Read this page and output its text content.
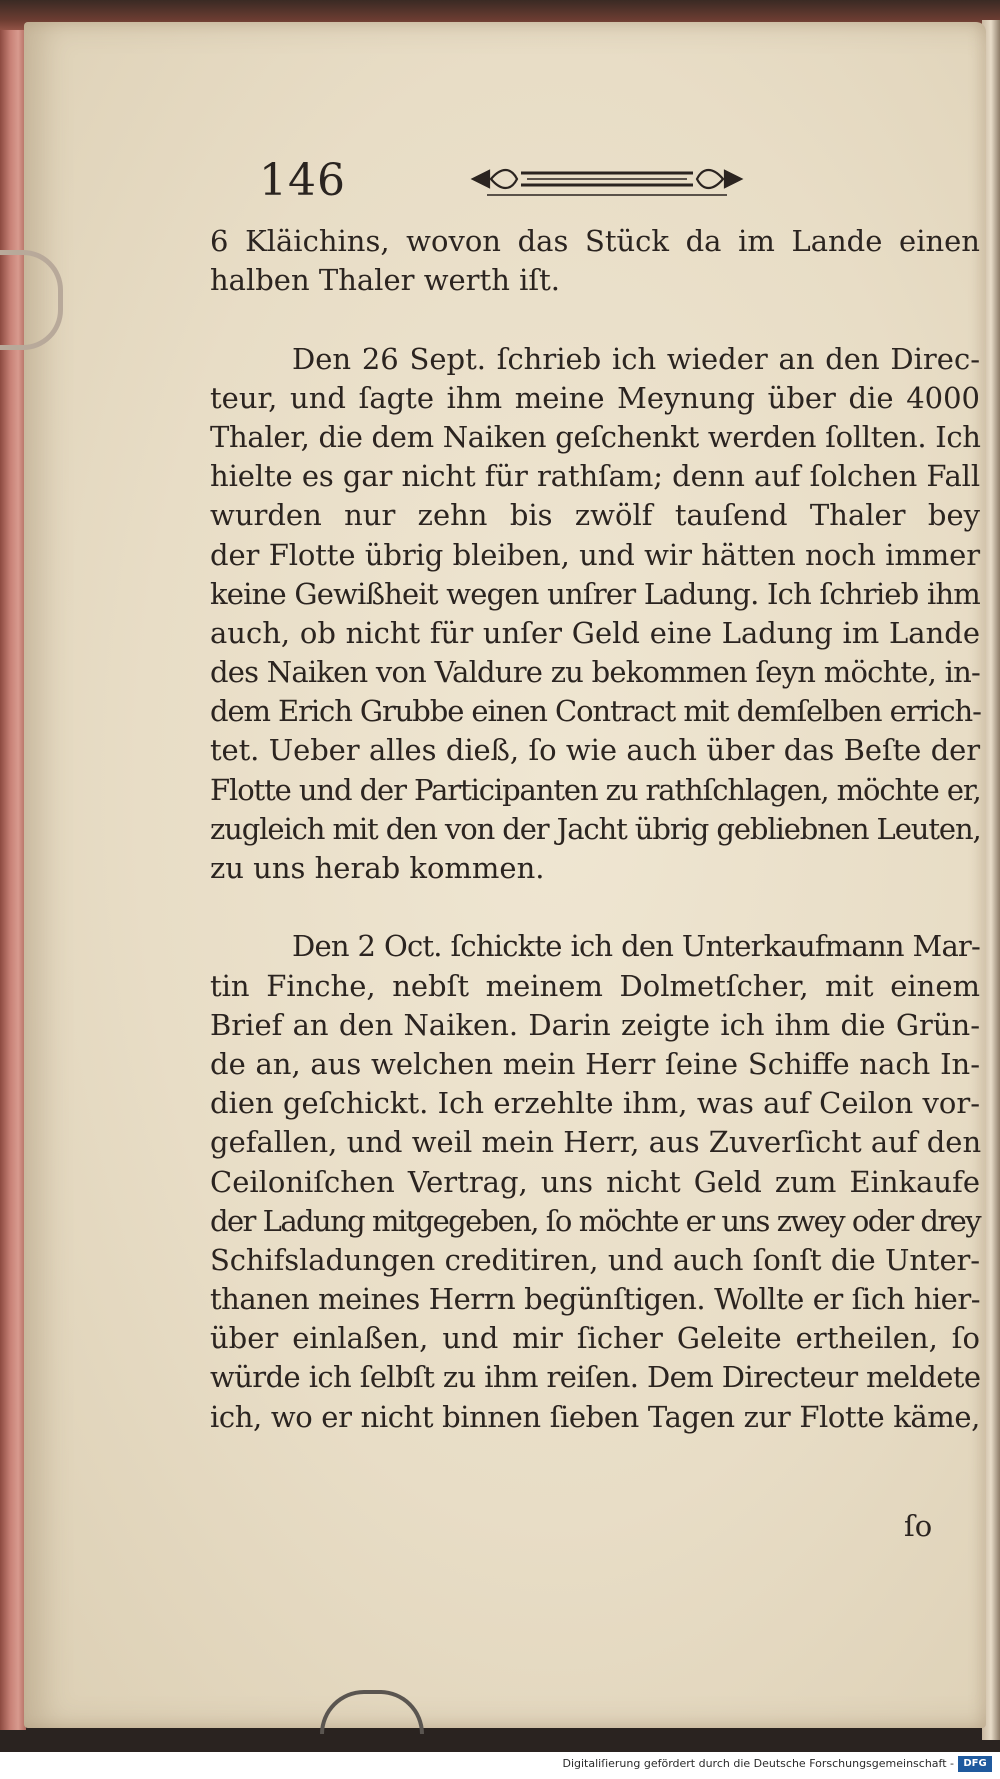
146
6 Kläichins, wovon das Stück da im Lande einen
halben Thaler werth iſt.
Den 26 Sept. ſchrieb ich wieder an den Direc-
teur, und ſagte ihm meine Meynung über die 4000
Thaler, die dem Naiken geſchenkt werden ſollten. Ich
hielte es gar nicht für rathſam; denn auf ſolchen Fall
wurden nur zehn bis zwölf tauſend Thaler bey
der Flotte übrig bleiben, und wir hätten noch immer
keine Gewißheit wegen unſrer Ladung. Ich ſchrieb ihm
auch, ob nicht für unſer Geld eine Ladung im Lande
des Naiken von Valdure zu bekommen ſeyn möchte, in-
dem Erich Grubbe einen Contract mit demſelben errich-
tet. Ueber alles dieß, ſo wie auch über das Beſte der
Flotte und der Participanten zu rathſchlagen, möchte er,
zugleich mit den von der Jacht übrig gebliebnen Leuten,
zu uns herab kommen.
Den 2 Oct. ſchickte ich den Unterkaufmann Mar-
tin Finche, nebſt meinem Dolmetſcher, mit einem
Brief an den Naiken. Darin zeigte ich ihm die Grün-
de an, aus welchen mein Herr ſeine Schiffe nach In-
dien geſchickt. Ich erzehlte ihm, was auf Ceilon vor-
gefallen, und weil mein Herr, aus Zuverſicht auf den
Ceiloniſchen Vertrag, uns nicht Geld zum Einkaufe
der Ladung mitgegeben, ſo möchte er uns zwey oder drey
Schifsladungen creditiren, und auch ſonſt die Unter-
thanen meines Herrn begünſtigen. Wollte er ſich hier-
über einlaßen, und mir ſicher Geleite ertheilen, ſo
würde ich ſelbſt zu ihm reiſen. Dem Directeur meldete
ich, wo er nicht binnen ſieben Tagen zur Flotte käme,
ſo
Digitaliſierung gefördert durch die Deutsche Forschungsgemeinschaft - DFG
